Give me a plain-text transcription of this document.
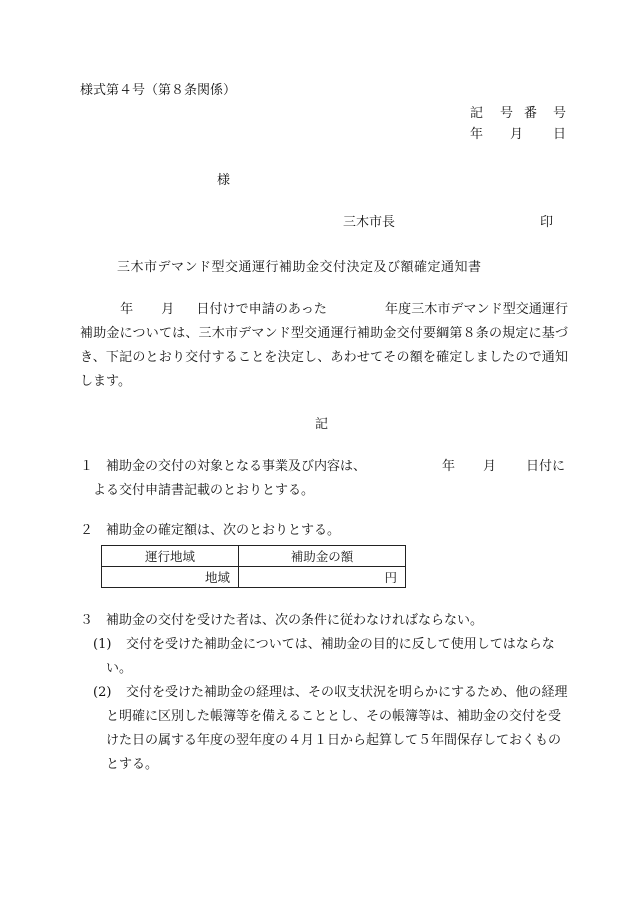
様式第４号（第８条関係）
記 号 番 号
年 月 日
様
三木市長	印
三木市デマンド型交通運行補助金交付決定及び額確定通知書
年 月 日付けで申請のあった	年度三木市デマンド型交通運行補助金については、三木市デマンド型交通運行補助金交付要綱第８条の規定に基づき、下記のとおり交付することを決定し、あわせてその額を確定しましたので通知します。
記
１ 補助金の交付の対象となる事業及び内容は、	年 月 日付に
よる交付申請書記載のとおりとする。
２ 補助金の確定額は、次のとおりとする。
運行地域	補助金の額
地域	円
３ 補助金の交付を受けた者は、次の条件に従わなければならない。
(1)	交付を受けた補助金については、補助金の目的に反して使用してはならない。
(2)	交付を受けた補助金の経理は、その収支状況を明らかにするため、他の経理と明確に区別した帳簿等を備えることとし、その帳簿等は、補助金の交付を受けた日の属する年度の翌年度の４月１日から起算して５年間保存しておくものとする。
